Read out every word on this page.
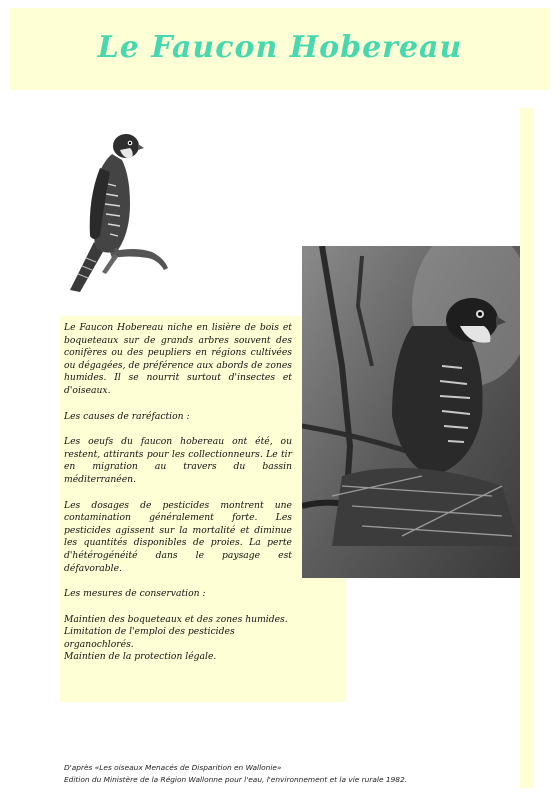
Le Faucon Hobereau

Le Faucon Hobereau niche en lisière de bois et boqueteaux sur de grands arbres souvent des conifères ou des peupliers en régions cultivées ou dégagées, de préférence aux abords de zones humides. Il se nourrit surtout d'insectes et d'oiseaux.

Les causes de raréfaction :

Les oeufs du faucon hobereau ont été, ou restent, attirants pour les collectionneurs. Le tir en migration au travers du bassin méditerranéen.

Les dosages de pesticides montrent une contamination généralement forte. Les pesticides agissent sur la mortalité et diminue les quantités disponibles de proies. La perte d'hétérogénéité dans le paysage est défavorable.

Les mesures de conservation :

Maintien des boqueteaux et des zones humides.
Limitation de l'emploi des pesticides organochlorés.
Maintien de la protection légale.
D'après «Les oiseaux Menacés de Disparition en Wallonie»
Edition du Ministère de la Région Wallonne pour l'eau, l'environnement et la vie rurale 1982.
